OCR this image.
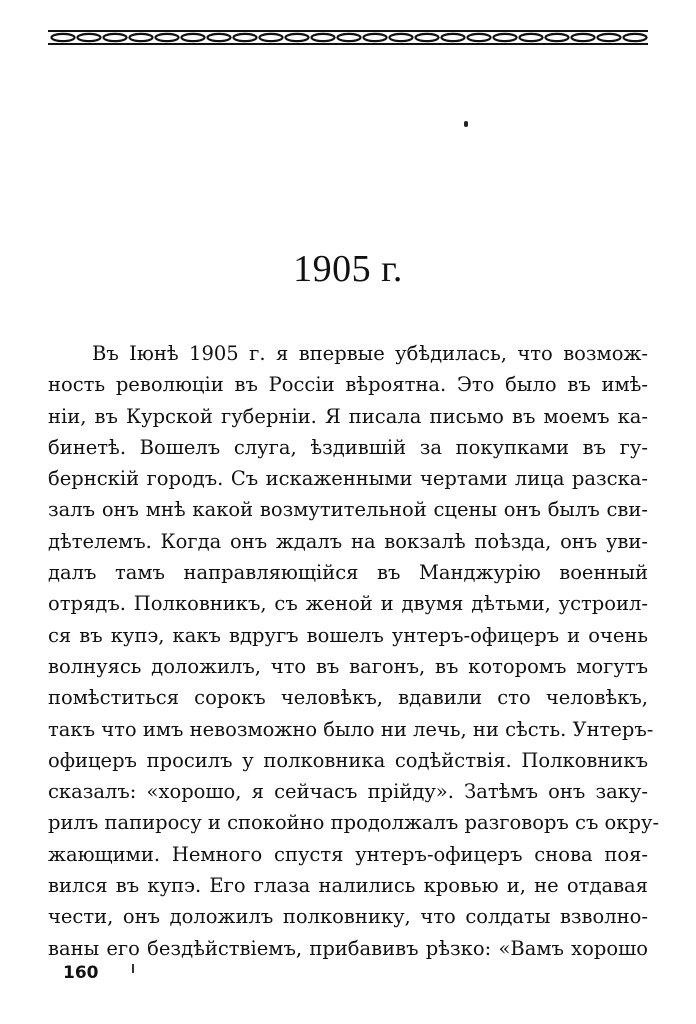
1905 г.
Въ Іюнѣ 1905 г. я впервые убѣдилась, что возмож-
ность революціи въ Россіи вѣроятна. Это было въ имѣ-
ніи, въ Курской губерніи. Я писала письмо въ моемъ ка-
бинетѣ. Вошелъ слуга, ѣздившій за покупками въ гу-
бернскій городъ. Съ искаженными чертами лица разска-
залъ онъ мнѣ какой возмутительной сцены онъ былъ сви-
дѣтелемъ. Когда онъ ждалъ на вокзалѣ поѣзда, онъ уви-
далъ тамъ направляющійся въ Манджурію военный
отрядъ. Полковникъ, съ женой и двумя дѣтьми, устроил-
ся въ купэ, какъ вдругъ вошелъ унтеръ-офицеръ и очень
волнуясь доложилъ, что въ вагонъ, въ которомъ могутъ
помѣститься сорокъ человѣкъ, вдавили сто человѣкъ,
такъ что имъ невозможно было ни лечь, ни сѣсть. Унтеръ-
офицеръ просилъ у полковника содѣйствія. Полковникъ
сказалъ: «хорошо, я сейчасъ прійду». Затѣмъ онъ заку-
рилъ папиросу и спокойно продолжалъ разговоръ съ окру-
жающими. Немного спустя унтеръ-офицеръ снова поя-
вился въ купэ. Его глаза налились кровью и, не отдавая
чести, онъ доложилъ полковнику, что солдаты взволно-
ваны его бездѣйствіемъ, прибавивъ рѣзко: «Вамъ хорошо
160
